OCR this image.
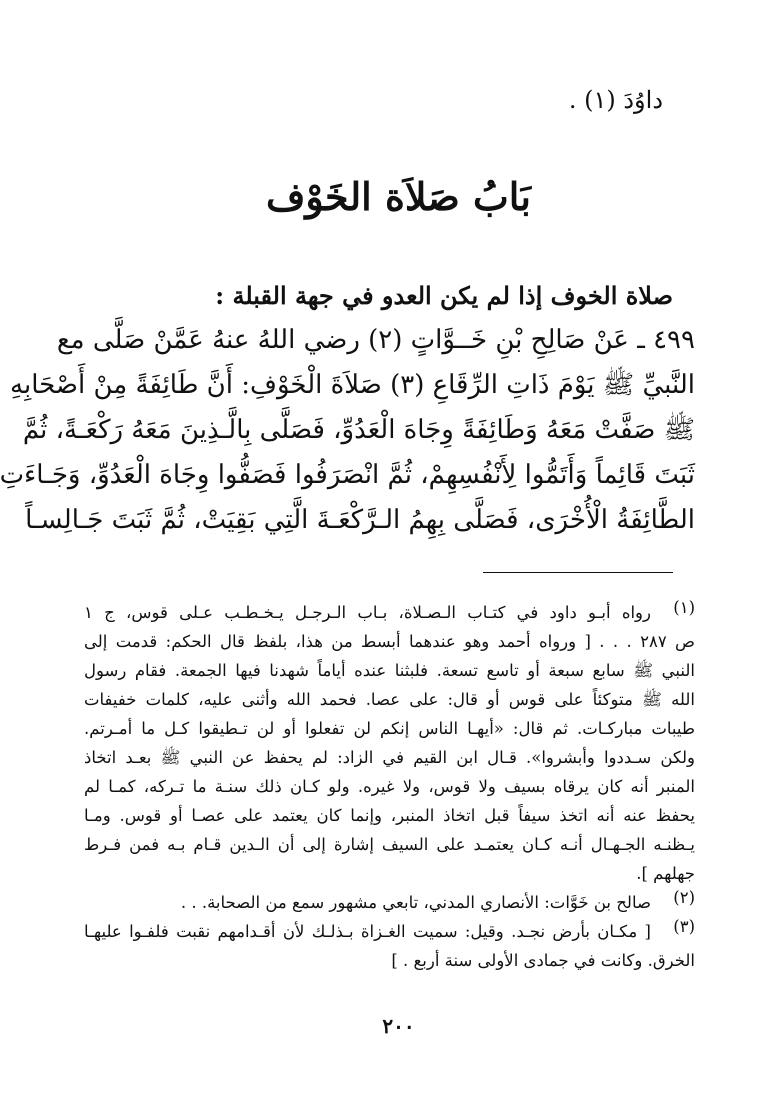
داوُدَ (١) .
بَابُ صَلاَة الخَوْف
صلاة الخوف إذا لم يكن العدو في جهة القبلة :
٤٩٩ ـ عَنْ صَالِحِ بْنِ خَــوَّاتٍ (٢) رضي اللهُ عنهُ عَمَّنْ صَلَّى مع
النَّبيِّ ﷺ يَوْمَ ذَاتِ الرِّقَاعِ (٣) صَلاَةَ الْخَوْفِ: أَنَّ طَائِفَةً مِنْ أَصْحَابِهِ
ﷺ صَفَّتْ مَعَهُ وَطَائِفَةً وِجَاهَ الْعَدُوِّ، فَصَلَّى بِالَّـذِينَ مَعَهُ رَكْعَـةً، ثُمَّ
ثَبَتَ قَائِماً وَأَتَمُّوا لِأَنْفُسِهِمْ، ثُمَّ انْصَرَفُوا فَصَفُّوا وِجَاهَ الْعَدُوِّ، وَجَـاءَتِ
الطَّائِفَةُ الْأُخْرَى، فَصَلَّى بِهِمُ الـرَّكْعَـةَ الَّتِي بَقِيَتْ، ثُمَّ ثَبَتَ جَـالِسـاً
(١)
رواه أبـو داود في كتـاب الـصـلاة، بـاب الـرجـل يـخـطـب عـلى قوس، ج ١
ص ٢٨٧ . . . [ ورواه أحمد وهو عندهما أبسط من هذا، بلفظ قال الحكم: قدمت إلى
النبي ﷺ سابع سبعة أو تاسع تسعة. فلبثنا عنده أياماً شهدنا فيها الجمعة. فقام رسول
الله ﷺ متوكئاً على قوس أو قال: على عصا. فحمد الله وأثنى عليه، كلمات خفيفات
طيبات مباركـات. ثم قال: «أيهـا الناس إنكم لن تفعلوا أو لن تـطيقوا كـل ما أمـرتم.
ولكن سـددوا وأبشروا». قـال ابن القيم في الزاد: لم يحفظ عن النبي ﷺ بعـد اتخاذ
المنبر أنه كان يرقاه بسيف ولا قوس، ولا غيره. ولو كـان ذلك سنـة ما تـركه، كمـا لم
يحفظ عنه أنه اتخذ سيفاً قبل اتخاذ المنبر، وإنما كان يعتمد على عصـا أو قوس. ومـا
يـظنـه الجـهـال أنـه كـان يعتمـد على السيف إشارة إلى أن الـدين قـام بـه فمن فـرط
جهلهم ].
(٢)
صالح بن خَوَّات: الأنصاري المدني، تابعي مشهور سمع من الصحابة. . .
(٣)
[ مكـان بأرض نجـد. وقيل: سميت الغـزاة بـذلـك لأن أقـدامهم نقبت فلفـوا عليهـا
الخرق. وكانت في جمادى الأولى سنة أربع . ]
٢٠٠
